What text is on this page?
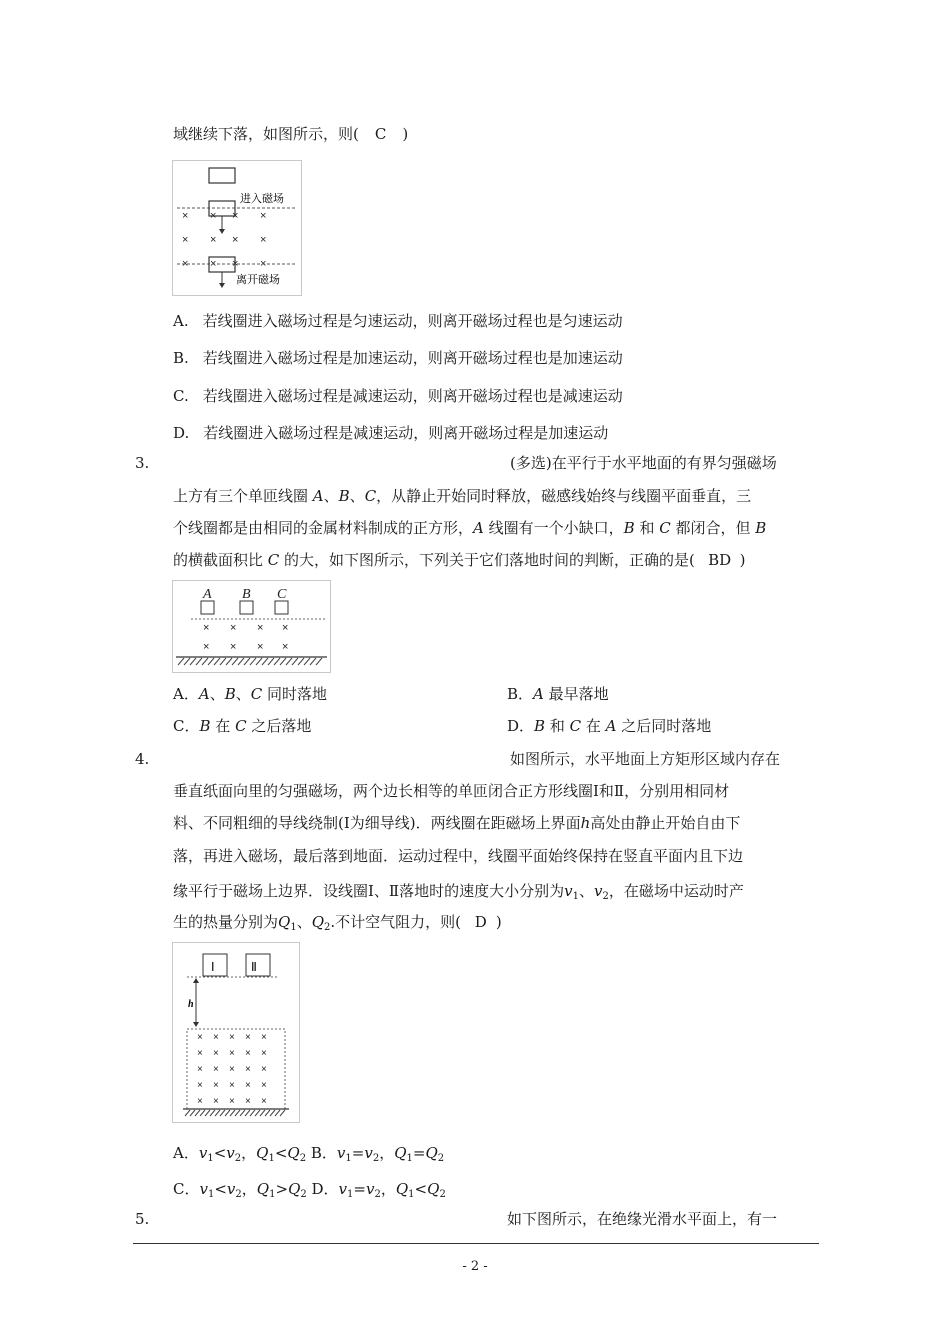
域继续下落，如图所示，则( C )
进入磁场
× × × ×
× × × ×
× × × ×
离开磁场
A. 若线圈进入磁场过程是匀速运动，则离开磁场过程也是匀速运动
B. 若线圈进入磁场过程是加速运动，则离开磁场过程也是加速运动
C. 若线圈进入磁场过程是减速运动，则离开磁场过程也是减速运动
D. 若线圈进入磁场过程是减速运动，则离开磁场过程是加速运动
3.	(多选)在平行于水平地面的有界匀强磁场
上方有三个单匝线圈 A、B、C，从静止开始同时释放，磁感线始终与线圈平面垂直，三
个线圈都是由相同的金属材料制成的正方形，A 线圈有一个小缺口，B 和 C 都闭合，但 B
的横截面积比 C 的大，如下图所示，下列关于它们落地时间的判断，正确的是( BD )
A B C
× × × ×
× × × ×
A．A、B、C 同时落地	B．A 最早落地
C．B 在 C 之后落地	D．B 和 C 在 A 之后同时落地
4.	如图所示，水平地面上方矩形区域内存在
垂直纸面向里的匀强磁场，两个边长相等的单匝闭合正方形线圈Ⅰ和Ⅱ，分别用相同材
料、不同粗细的导线绕制(Ⅰ为细导线)．两线圈在距磁场上界面h高处由静止开始自由下
落，再进入磁场，最后落到地面．运动过程中，线圈平面始终保持在竖直平面内且下边
缘平行于磁场上边界．设线圈Ⅰ、Ⅱ落地时的速度大小分别为$v_1$、$v_2$，在磁场中运动时产
生的热量分别为$Q_1$、$Q_2$.不计空气阻力，则( D )
Ⅰ	Ⅱ
h
× × × × ×
× × × × ×
× × × × ×
× × × × ×
× × × × ×
A．$v_1<v_2$，$Q_1<Q_2$ B．$v_1=v_2$，$Q_1=Q_2$
C．$v_1<v_2$，$Q_1>Q_2$ D．$v_1=v_2$，$Q_1<Q_2$
5.	如下图所示，在绝缘光滑水平面上，有一
- 2 -
